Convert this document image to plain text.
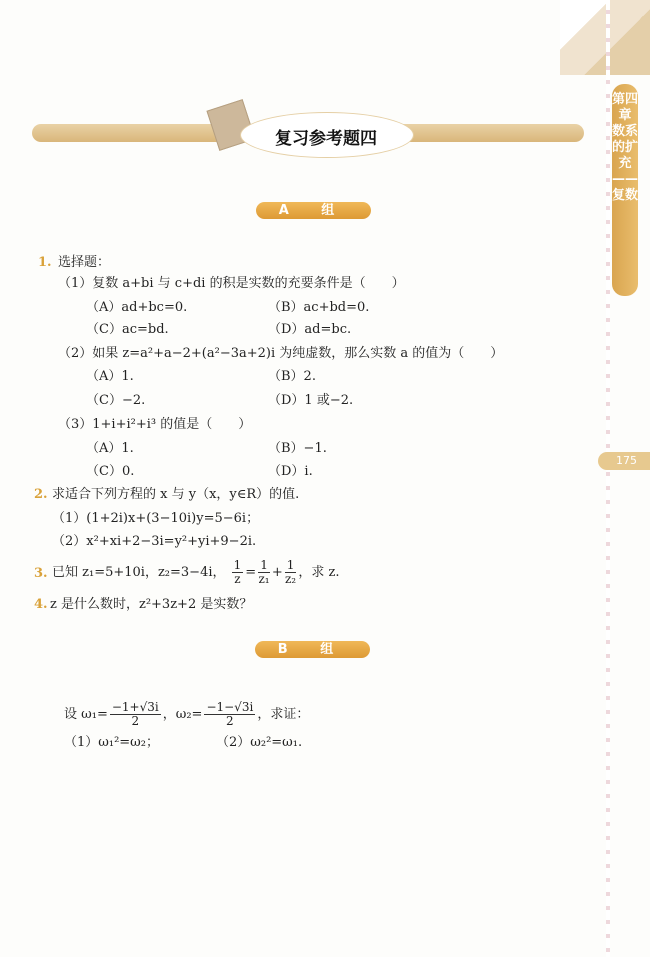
第四章 数系的扩充——复数
175
复习参考题四
A 组
1. 选择题：
（1）复数 a+bi 与 c+di 的积是实数的充要条件是（　　）
（A）ad+bc=0.	（B）ac+bd=0.
（C）ac=bd.	（D）ad=bc.
（2）如果 z=a²+a−2+(a²−3a+2)i 为纯虚数，那么实数 a 的值为（　　）
（A）1.	（B）2.
（C）−2.	（D）1 或−2.
（3）1+i+i²+i³ 的值是（　　）
（A）1.	（B）−1.
（C）0.	（D）i.
2. 求适合下列方程的 x 与 y（x，y∈R）的值.
（1）(1+2i)x+(3−10i)y=5−6i；
（2）x²+xi+2−3i=y²+yi+9−2i.
3. 已知 z₁=5+10i，z₂=3−4i， $\frac{1}{z} = \frac{1}{\text{z₁}} + \frac{1}{\text{z₂}}$ ，求 z.
4. z 是什么数时，z²+3z+2 是实数？
B 组
设 $\omega_1= \frac{-1+√3i}{2}$ ，$\omega_2= \frac{-1-√3i}{2}$ ，求证：
（1）ω₁²=ω₂；	（2）ω₂²=ω₁.
